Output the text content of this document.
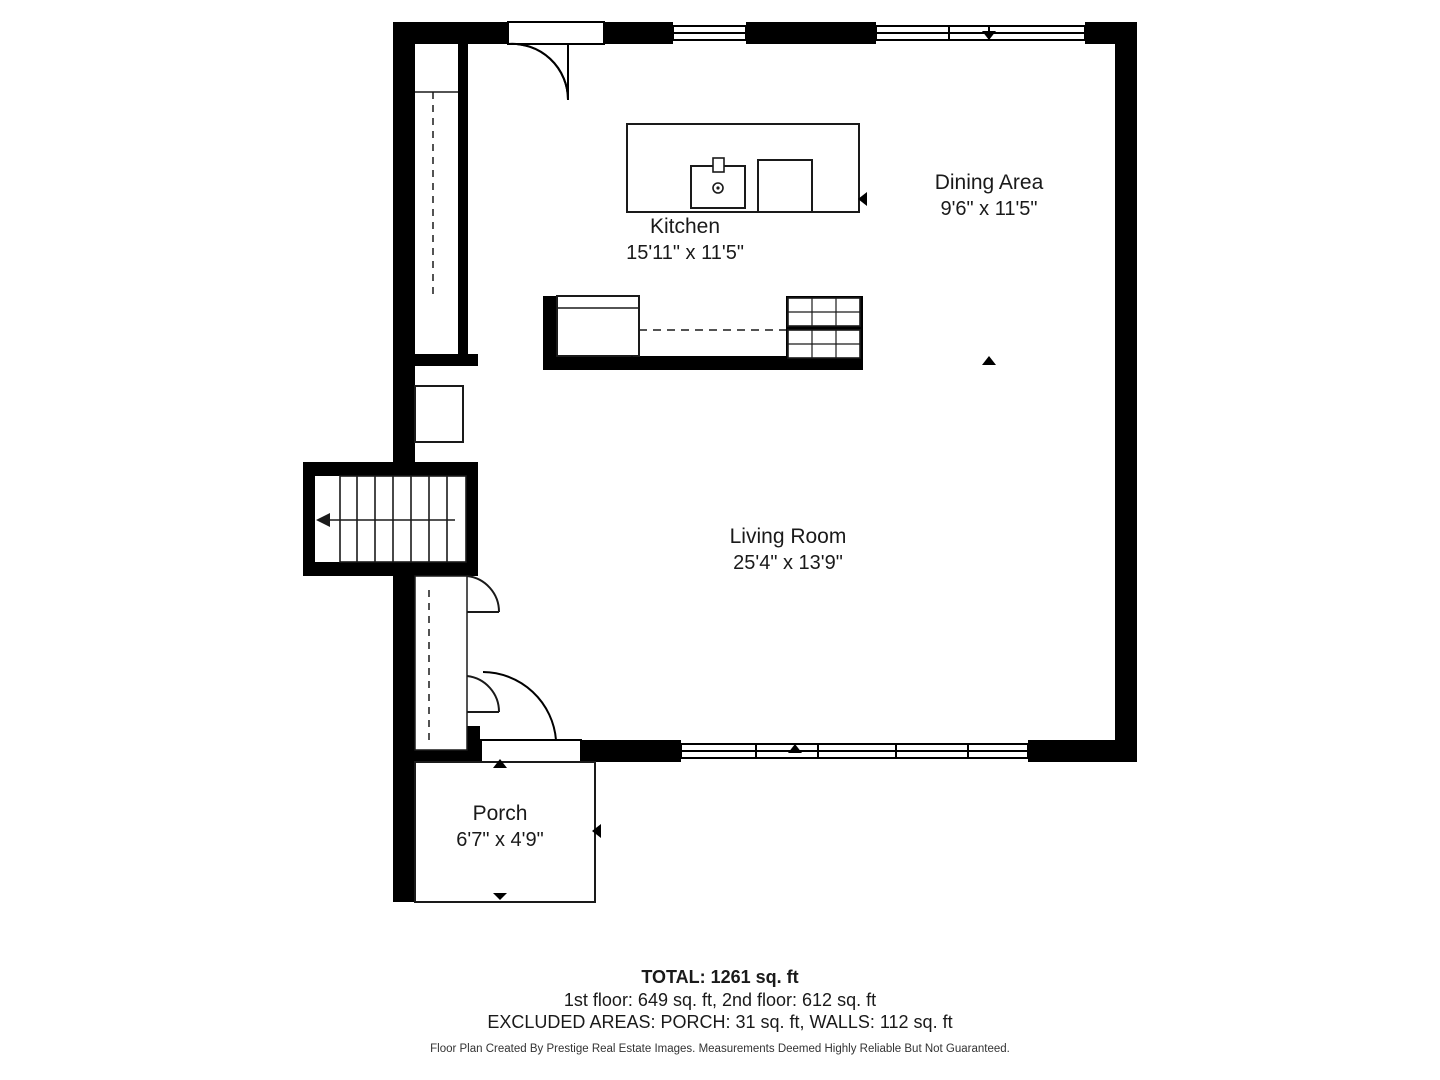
Dining Area
9'6" x 11'5"
Kitchen
15'11" x 11'5"
Living Room
25'4" x 13'9"
Porch
6'7" x 4'9"
TOTAL: 1261 sq. ft
1st floor: 649 sq. ft, 2nd floor: 612 sq. ft
EXCLUDED AREAS: PORCH: 31 sq. ft, WALLS: 112 sq. ft
Floor Plan Created By Prestige Real Estate Images. Measurements Deemed Highly Reliable But Not Guaranteed.
